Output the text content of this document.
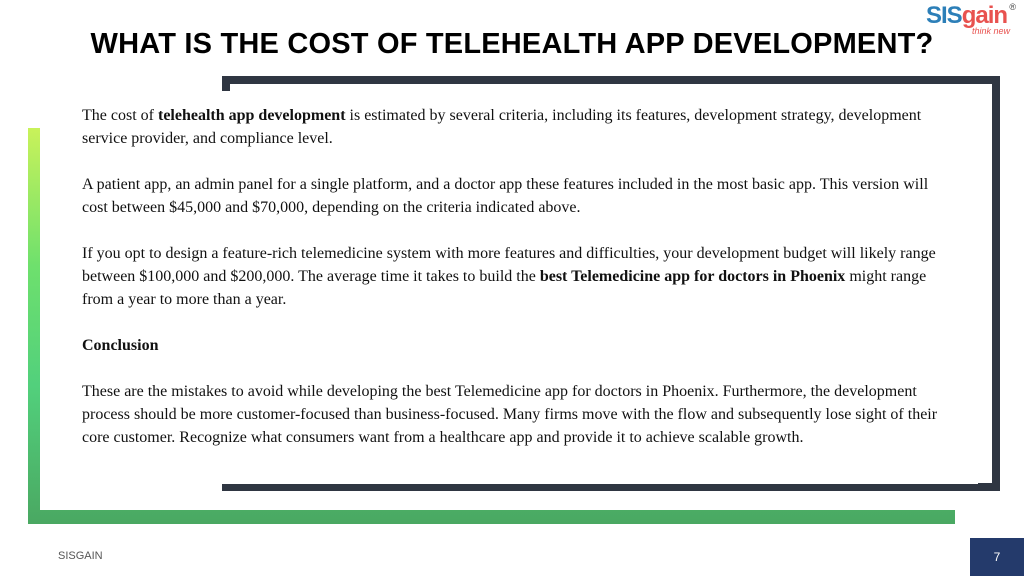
SISgain
think new
®
WHAT IS THE COST OF TELEHEALTH APP DEVELOPMENT?

The cost of telehealth app development is estimated by several criteria, including its features, development strategy, development service provider, and compliance level.

A patient app, an admin panel for a single platform, and a doctor app these features included in the most basic app. This version will cost between $45,000 and $70,000, depending on the criteria indicated above.

If you opt to design a feature-rich telemedicine system with more features and difficulties, your development budget will likely range between $100,000 and $200,000. The average time it takes to build the best Telemedicine app for doctors in Phoenix might range from a year to more than a year.

Conclusion

These are the mistakes to avoid while developing the best Telemedicine app for doctors in Phoenix. Furthermore, the development process should be more customer-focused than business-focused. Many firms move with the flow and subsequently lose sight of their core customer. Recognize what consumers want from a healthcare app and provide it to achieve scalable growth.

SISGAIN	7
